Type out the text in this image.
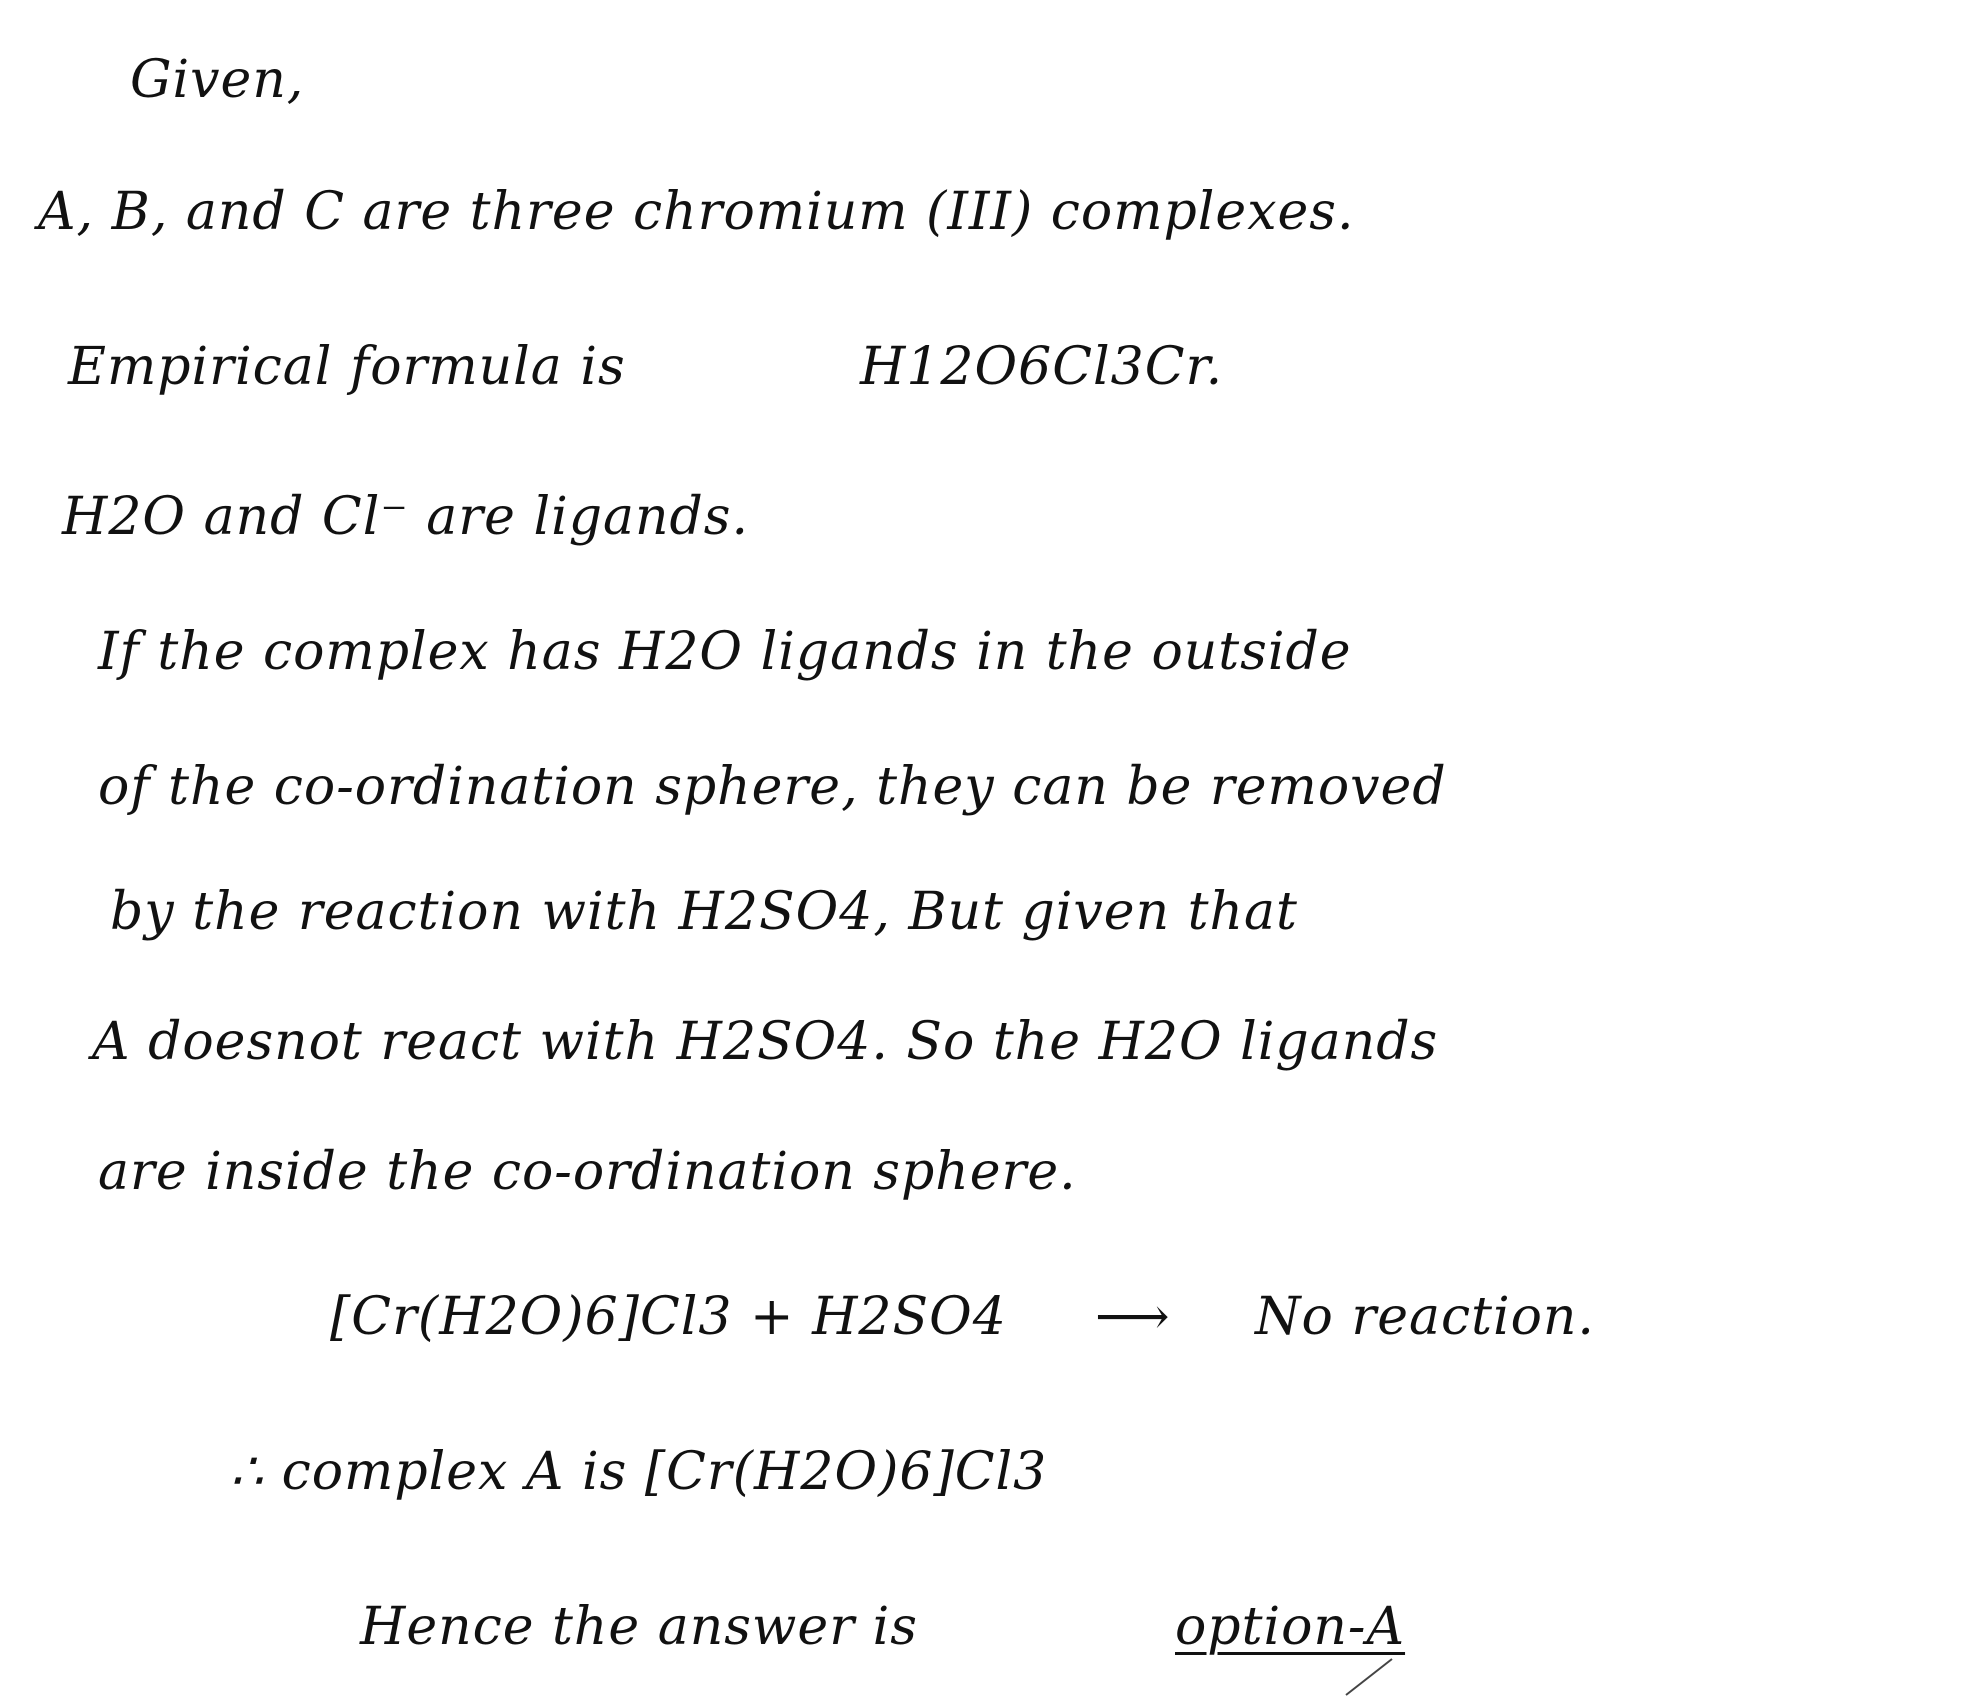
Given,
A, B, and C are three chromium (III) complexes.
Empirical formula is	H12O6Cl3Cr.
H2O and Cl⁻ are ligands.
If the complex has H2O ligands in the outside
of the co-ordination sphere, they can be removed
by the reaction with H2SO4, But given that
A doesnot react with H2SO4. So the H2O ligands
are inside the co-ordination sphere.
[Cr(H2O)6]Cl3 + H2SO4 ⟶ No reaction.
∴ complex A is [Cr(H2O)6]Cl3
Hence the answer is	option-A
